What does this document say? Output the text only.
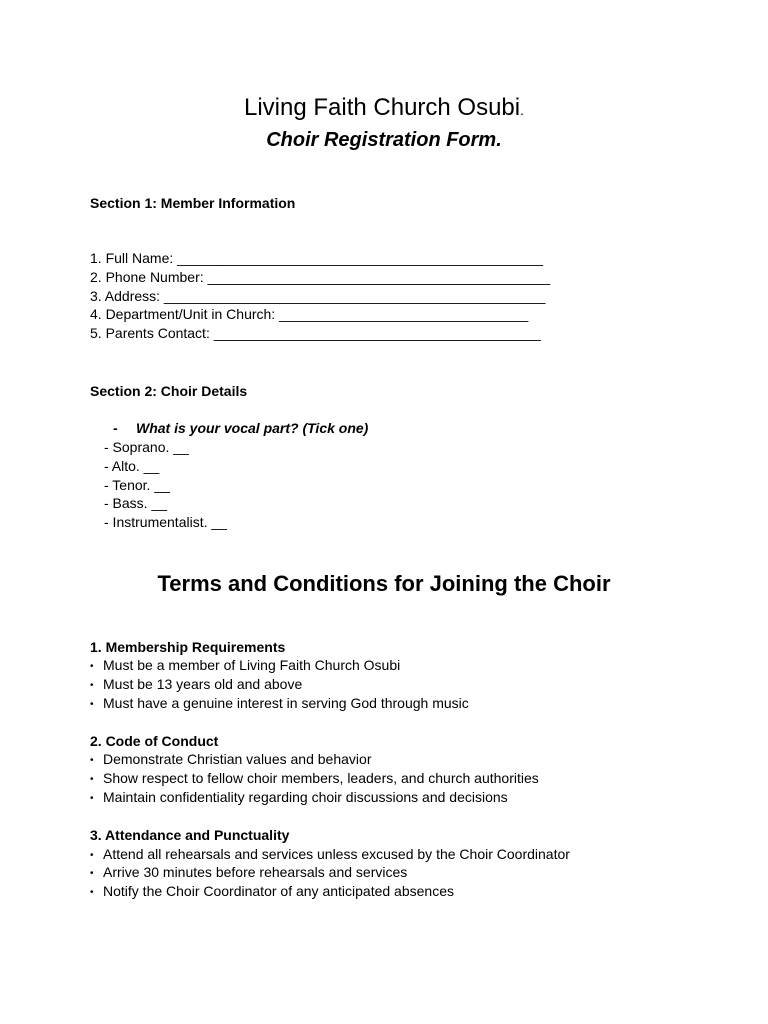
Living Faith Church Osubi.
Choir Registration Form.
Section 1: Member Information
1. Full Name: _______________________________________________
2. Phone Number: ____________________________________________
3. Address: _________________________________________________
4. Department/Unit in Church: ________________________________
5. Parents Contact: __________________________________________
Section 2: Choir Details
- What is your vocal part? (Tick one)
- Soprano. __
- Alto. __
- Tenor. __
- Bass. __
- Instrumentalist. __
Terms and Conditions for Joining the Choir
1. Membership Requirements
• Must be a member of Living Faith Church Osubi
• Must be 13 years old and above
• Must have a genuine interest in serving God through music
2. Code of Conduct
• Demonstrate Christian values and behavior
• Show respect to fellow choir members, leaders, and church authorities
• Maintain confidentiality regarding choir discussions and decisions
3. Attendance and Punctuality
• Attend all rehearsals and services unless excused by the Choir Coordinator
• Arrive 30 minutes before rehearsals and services
• Notify the Choir Coordinator of any anticipated absences
